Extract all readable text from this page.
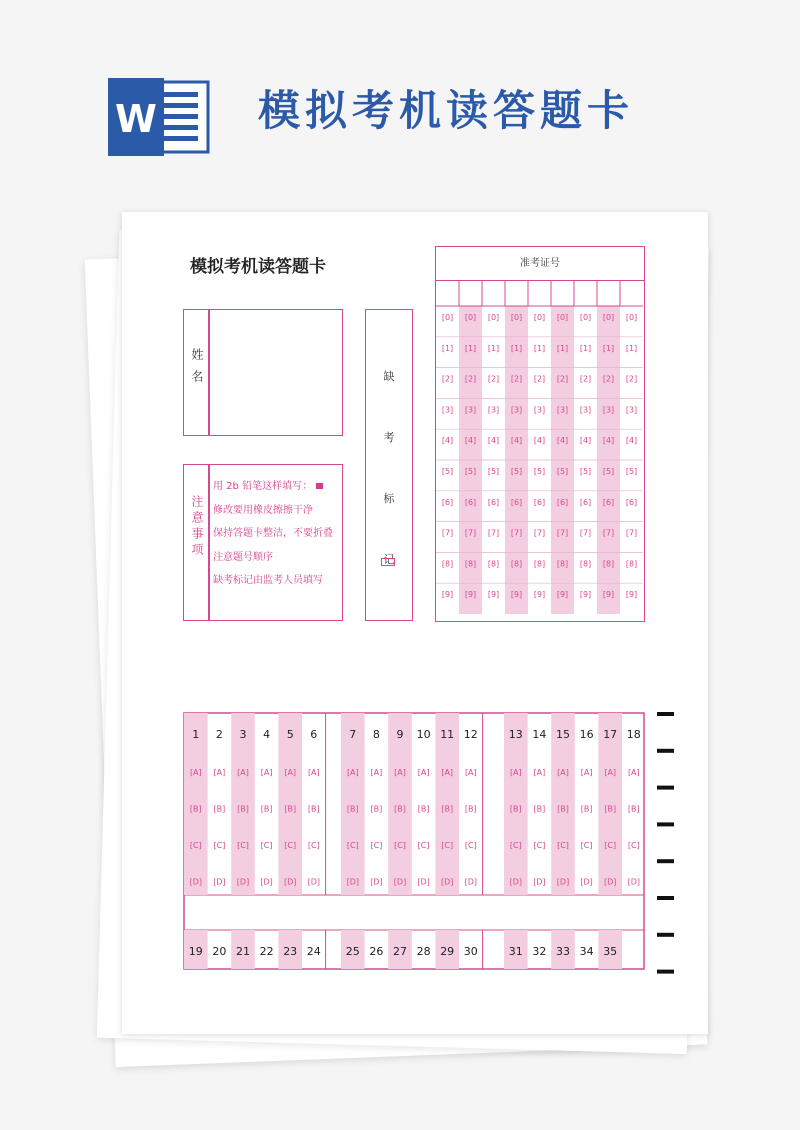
W 模拟考机读答题卡
模拟考机读答题卡
姓名
注意事项
用 2b 铅笔这样填写：
修改要用橡皮擦擦干净
保持答题卡整洁，不要折叠
注意题号顺序
缺考标记由监考人员填写
缺
考
标
记
准考证号
[0]
[1]
[2]
[3]
[4]
[5]
[6]
[7]
[8]
[9]
[0]
[1]
[2]
[3]
[4]
[5]
[6]
[7]
[8]
[9]
[0]
[1]
[2]
[3]
[4]
[5]
[6]
[7]
[8]
[9]
[0]
[1]
[2]
[3]
[4]
[5]
[6]
[7]
[8]
[9]
[0]
[1]
[2]
[3]
[4]
[5]
[6]
[7]
[8]
[9]
[0]
[1]
[2]
[3]
[4]
[5]
[6]
[7]
[8]
[9]
[0]
[1]
[2]
[3]
[4]
[5]
[6]
[7]
[8]
[9]
[0]
[1]
[2]
[3]
[4]
[5]
[6]
[7]
[8]
[9]
[0]
[1]
[2]
[3]
[4]
[5]
[6]
[7]
[8]
[9]
1
[A]
[B]
[C]
[D]
2
[A]
[B]
[C]
[D]
3
[A]
[B]
[C]
[D]
4
[A]
[B]
[C]
[D]
5
[A]
[B]
[C]
[D]
6
[A]
[B]
[C]
[D]
7
[A]
[B]
[C]
[D]
8
[A]
[B]
[C]
[D]
9
[A]
[B]
[C]
[D]
10
[A]
[B]
[C]
[D]
11
[A]
[B]
[C]
[D]
12
[A]
[B]
[C]
[D]
13
[A]
[B]
[C]
[D]
14
[A]
[B]
[C]
[D]
15
[A]
[B]
[C]
[D]
16
[A]
[B]
[C]
[D]
17
[A]
[B]
[C]
[D]
18
[A]
[B]
[C]
[D]
19 20 21 22 23 24 25 26 27 28 29 30	31 32 33 34 35
